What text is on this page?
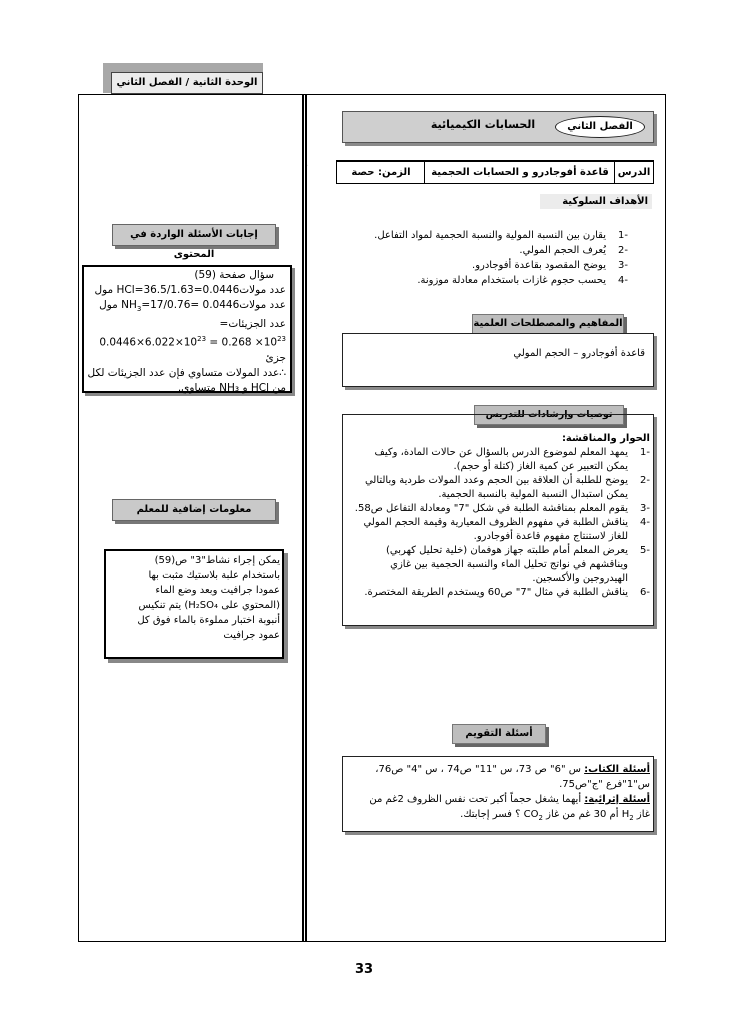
الوحدة الثانية / الفصل الثاني
الحسابات الكيميائية	الفصل الثاني
.
الدرس
قاعدة أفوجادرو و الحسابات الحجمية
الزمن: حصة
الأهداف السلوكية
-1
يقارن بين النسبة المولية والنسبة الحجمية لمواد التفاعل.
-2
يُعرف الحجم المولي.
-3
يوضح المقصود بقاعدة أفوجادرو.
-4
يحسب حجوم غازات باستخدام معادلة موزونة.
المفاهيم والمصطلحات العلمية
قاعدة أفوجادرو – الحجم المولي
توصيات وإرشادات للتدريس
الحوار والمناقشة:
-1
يمهد المعلم لموضوع الدرس بالسؤال عن حالات المادة، وكيف
يمكن التعبير عن كمية الغاز (كتلة أو حجم).
-2
يوضح للطلبة أن العلاقة بين الحجم وعدد المولات طردية وبالتالي
يمكن استبدال النسبة المولية بالنسبة الحجمية.
-3
يقوم المعلم بمناقشة الطلبة في شكل "7" ومعادلة التفاعل ص58.
-4
يناقش الطلبة في مفهوم الظروف المعيارية وقيمة الحجم المولي
للغاز لاستنتاج مفهوم قاعدة أفوجادرو.
-5
يعرض المعلم أمام طلبته جهاز هوفمان (خلية تحليل كهربي)
ويناقشهم في نواتج تحليل الماء والنسبة الحجمية بين غازي
الهيدروجين والأكسجين.
-6
يناقش الطلبة في مثال "7" ص60 ويستخدم الطريقة المختصرة.
أسئلة التقويم
أسئلة الكتاب: س "6" ص 73، س "11" ص74 ، س "4" ص76،
س"1"فرع "ج"ص75.
أسئلة إثرائية: أيهما يشغل حجماً أكبر تحت نفس الظروف 2غم من
غاز $H_2$ أم 30 غم من غاز $CO_2$ ؟ فسر إجابتك.
إجابات الأسئلة الواردة في المحتوى
سؤال صفحة (59)
عدد مولاتHCl=36.5/1.63=0.0446 مول
عدد مولاتNH$_3$=17/0.76= 0.0446 مول
عدد الجزيئات=
$0.0446\times 6.022\times 10^{23} = 0.268 \times 10^{23}$
جزئ
∴عدد المولات متساوي فإن عدد الجزيئات لكل
من HCl و NH₃ متساوي.
معلومات إضافية للمعلم
يمكن إجراء نشاط"3" ص(59)
باستخدام علبة بلاستيك مثبت بها
عمودا جرافيت وبعد وضع الماء
(المحتوي على H₂SO₄) يتم تنكيس
أنبوبة اختبار مملوءة بالماء فوق كل
عمود جرافيت
33
